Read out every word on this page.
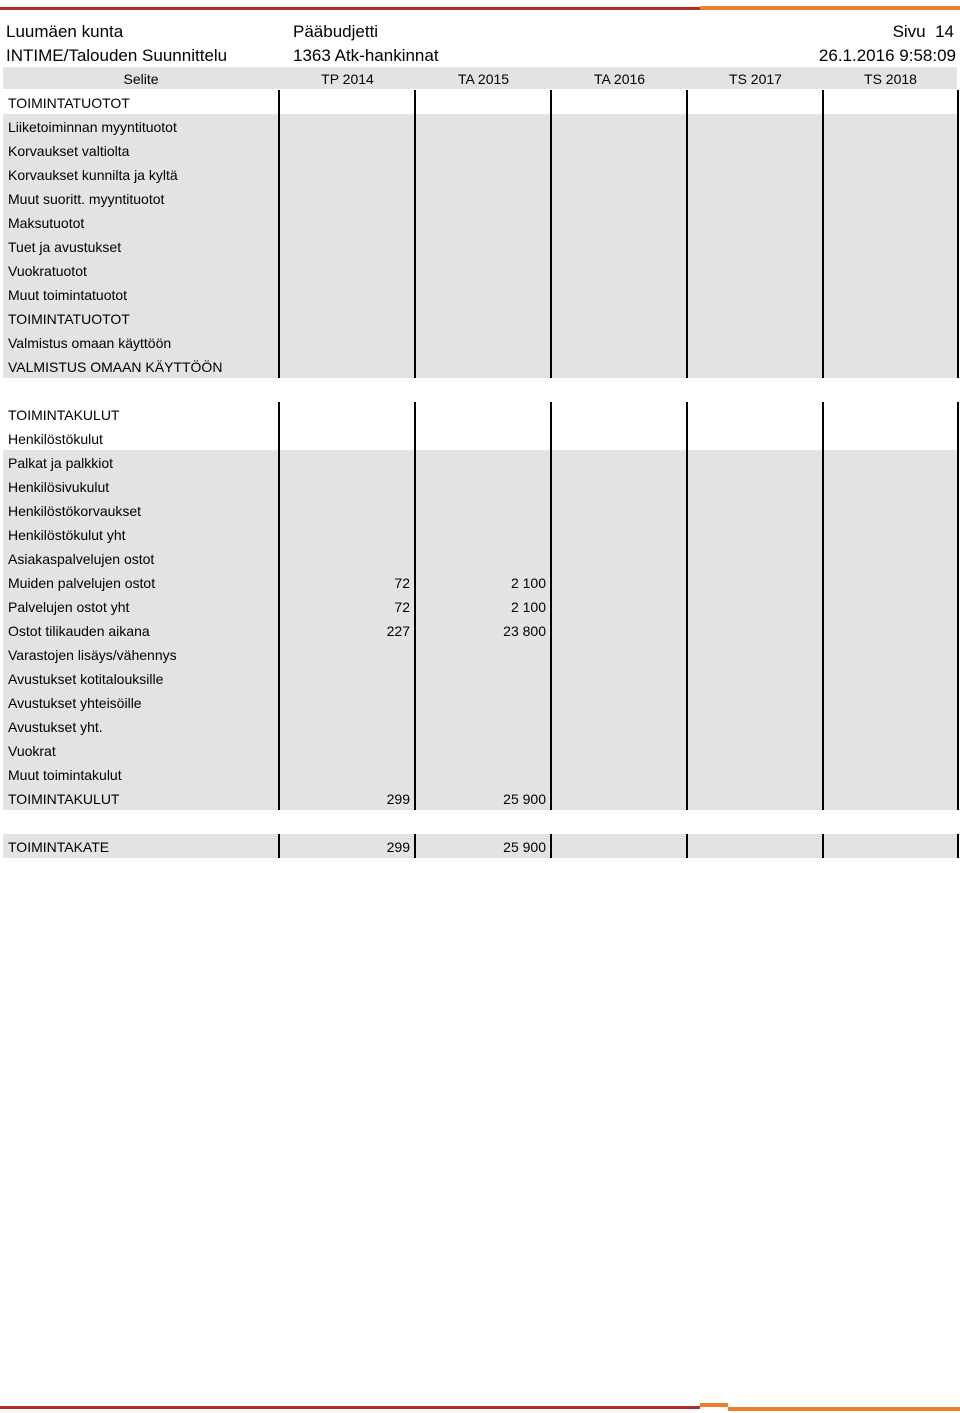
Luumäen kunta	Pääbudjetti	Sivu  14
INTIME/Talouden Suunnittelu	1363 Atk-hankinnat	26.1.2016 9:58:09
Selite	TP 2014	TA 2015	TA 2016	TS 2017	TS 2018
TOIMINTATUOTOT
Liiketoiminnan myyntituotot
Korvaukset valtiolta
Korvaukset kunnilta ja kyltä
Muut suoritt. myyntituotot
Maksutuotot
Tuet ja avustukset
Vuokratuotot
Muut toimintatuotot
TOIMINTATUOTOT
Valmistus omaan käyttöön
VALMISTUS OMAAN KÄYTTÖÖN
TOIMINTAKULUT
Henkilöstökulut
Palkat ja palkkiot
Henkilösivukulut
Henkilöstökorvaukset
Henkilöstökulut yht
Asiakaspalvelujen ostot
Muiden palvelujen ostot	72	2 100
Palvelujen ostot yht	72	2 100
Ostot tilikauden aikana	227	23 800
Varastojen lisäys/vähennys
Avustukset kotitalouksille
Avustukset yhteisöille
Avustukset yht.
Vuokrat
Muut toimintakulut
TOIMINTAKULUT	299	25 900
TOIMINTAKATE	299	25 900
